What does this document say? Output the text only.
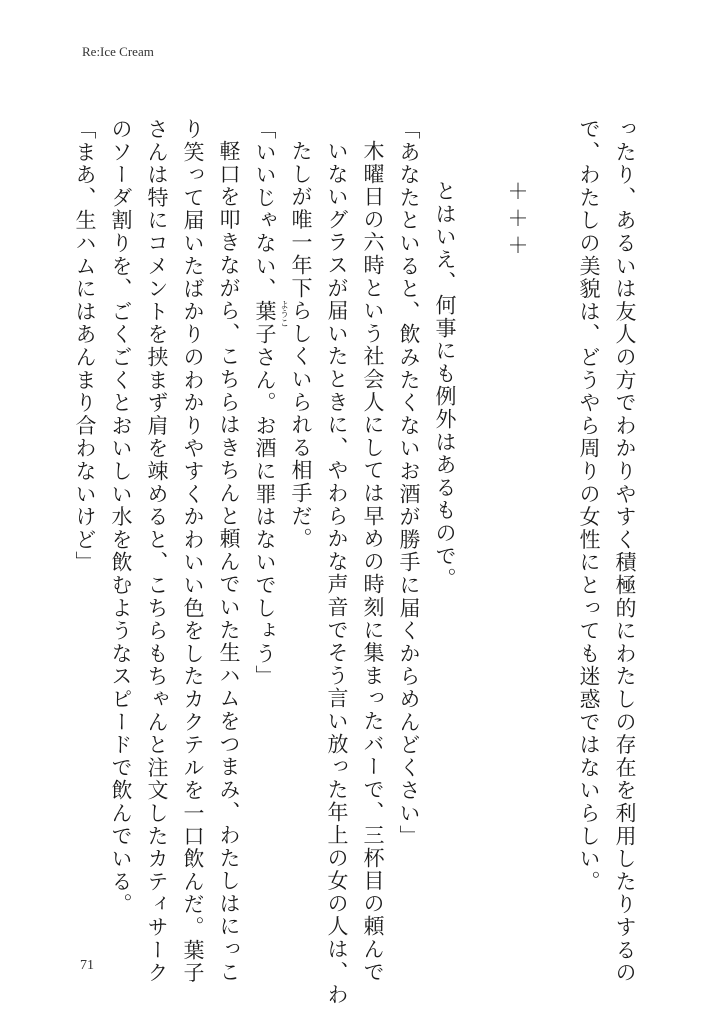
Re:Ice Cream
ったり、あるいは友人の方でわかりやすく積極的にわたしの存在を利用したりするの
で、わたしの美貌は、どうやら周りの女性にとっても迷惑ではないらしい。
＋＋＋
とはいえ、何事にも例外はあるもので。
「あなたといると、飲みたくないお酒が勝手に届くからめんどくさい」
木曜日の六時という社会人にしては早めの時刻に集まったバーで、三杯目の頼んで
いないグラスが届いたときに、やわらかな声音でそう言い放った年上の女の人は、わ
たしが唯一年下らしくいられる相手だ。
「いいじゃない、葉子 ようこ
さん。お酒に罪はないでしょう」
軽口を叩きながら、こちらはきちんと頼んでいた生ハムをつまみ、わたしはにっこ
り笑って届いたばかりのわかりやすくかわいい色をしたカクテルを一口飲んだ。葉子
さんは特にコメントを挟まず肩を竦めると、こちらもちゃんと注文したカティサーク
のソーダ割りを、ごくごくとおいしい水を飲むようなスピードで飲んでいる。
「まあ、生ハムにはあんまり合わないけど」
71
